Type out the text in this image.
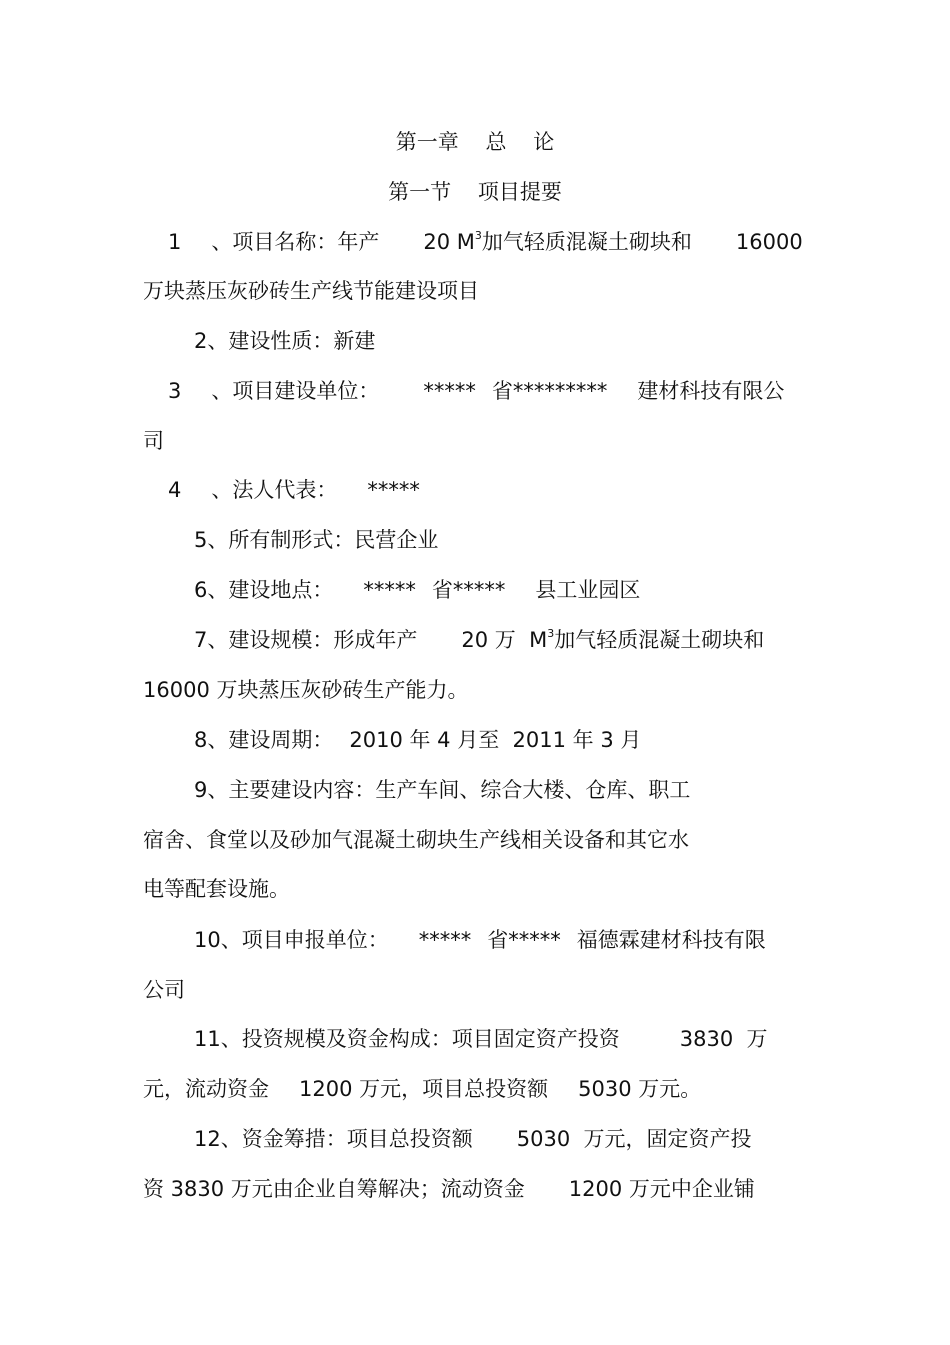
第一章    总    论
第一节    项目提要
1 、项目名称：年产 20 $M^3$加气轻质混凝土砌块和 16000
万块蒸压灰砂砖生产线节能建设项目
2、建设性质：新建
3 、项目建设单位： ***** 省********* 建材科技有限公
司
4 、法人代表： *****
5、所有制形式：民营企业
6、建设地点： ***** 省***** 县工业园区
7、建设规模：形成年产 20 万  $M^3$加气轻质混凝土砌块和
16000 万块蒸压灰砂砖生产能力。
8、建设周期： 2010 年 4 月至  2011 年 3 月
9、主要建设内容：生产车间、综合大楼、仓库、职工
宿舍、食堂以及砂加气混凝土砌块生产线相关设备和其它水
电等配套设施。
10、项目申报单位： ***** 省***** 福德霖建材科技有限
公司
11、投资规模及资金构成：项目固定资产投资	3830  万
元，流动资金 1200 万元，项目总投资额 5030 万元。
12、资金筹措：项目总投资额 5030  万元，固定资产投
资 3830 万元由企业自筹解决；流动资金 1200 万元中企业铺
